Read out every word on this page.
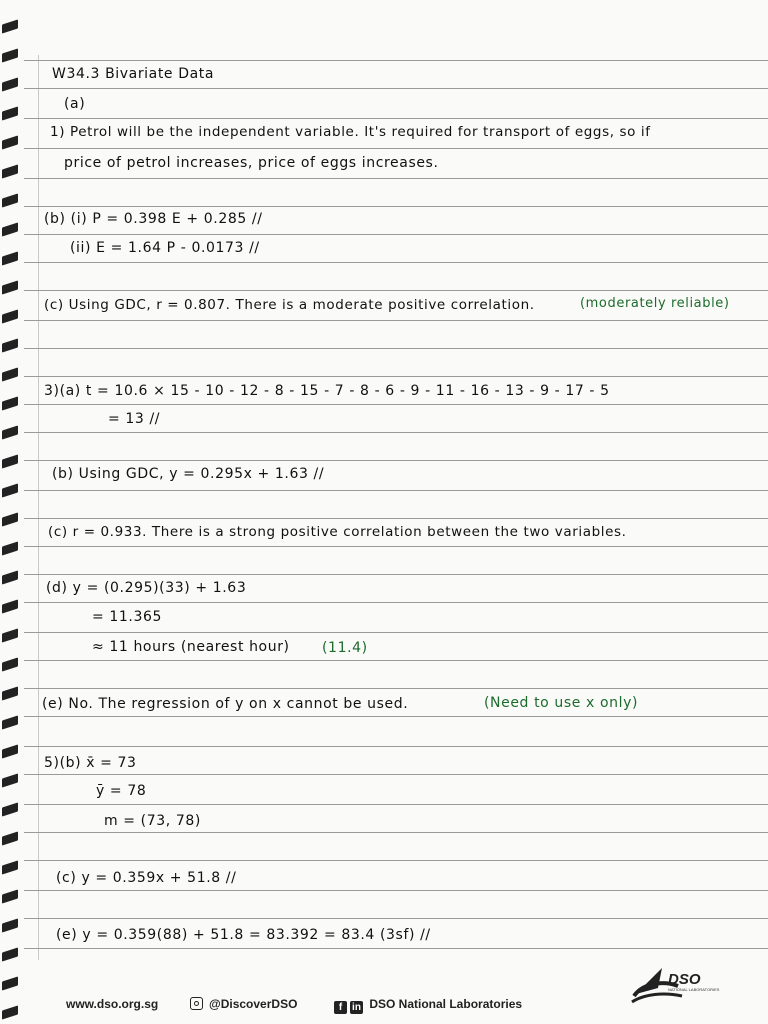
W34.3 Bivariate Data
(a)
1) Petrol will be the independent variable. It's required for transport of eggs, so if
price of petrol increases, price of eggs increases.
(b) (i) P = 0.398 E + 0.285 //
(ii) E = 1.64 P - 0.0173 //
(c) Using GDC, r = 0.807. There is a moderate positive correlation.	(moderately reliable)
3)(a) t = 10.6 × 15 - 10 - 12 - 8 - 15 - 7 - 8 - 6 - 9 - 11 - 16 - 13 - 9 - 17 - 5
= 13 //
(b) Using GDC, y = 0.295x + 1.63 //
(c) r = 0.933. There is a strong positive correlation between the two variables.
(d) y = (0.295)(33) + 1.63
= 11.365
≈ 11 hours (nearest hour) (11.4)
(e) No. The regression of y on x cannot be used.	(Need to use x only)
5)(b) x̄ = 73
ȳ = 78
m = (73, 78)
(c) y = 0.359x + 51.8 //
(e) y = 0.359(88) + 51.8 = 83.392 = 83.4 (3sf) //
www.dso.org.sg	@DiscoverDSO	f in DSO National Laboratories
DSO
NATIONAL LABORATORIES
